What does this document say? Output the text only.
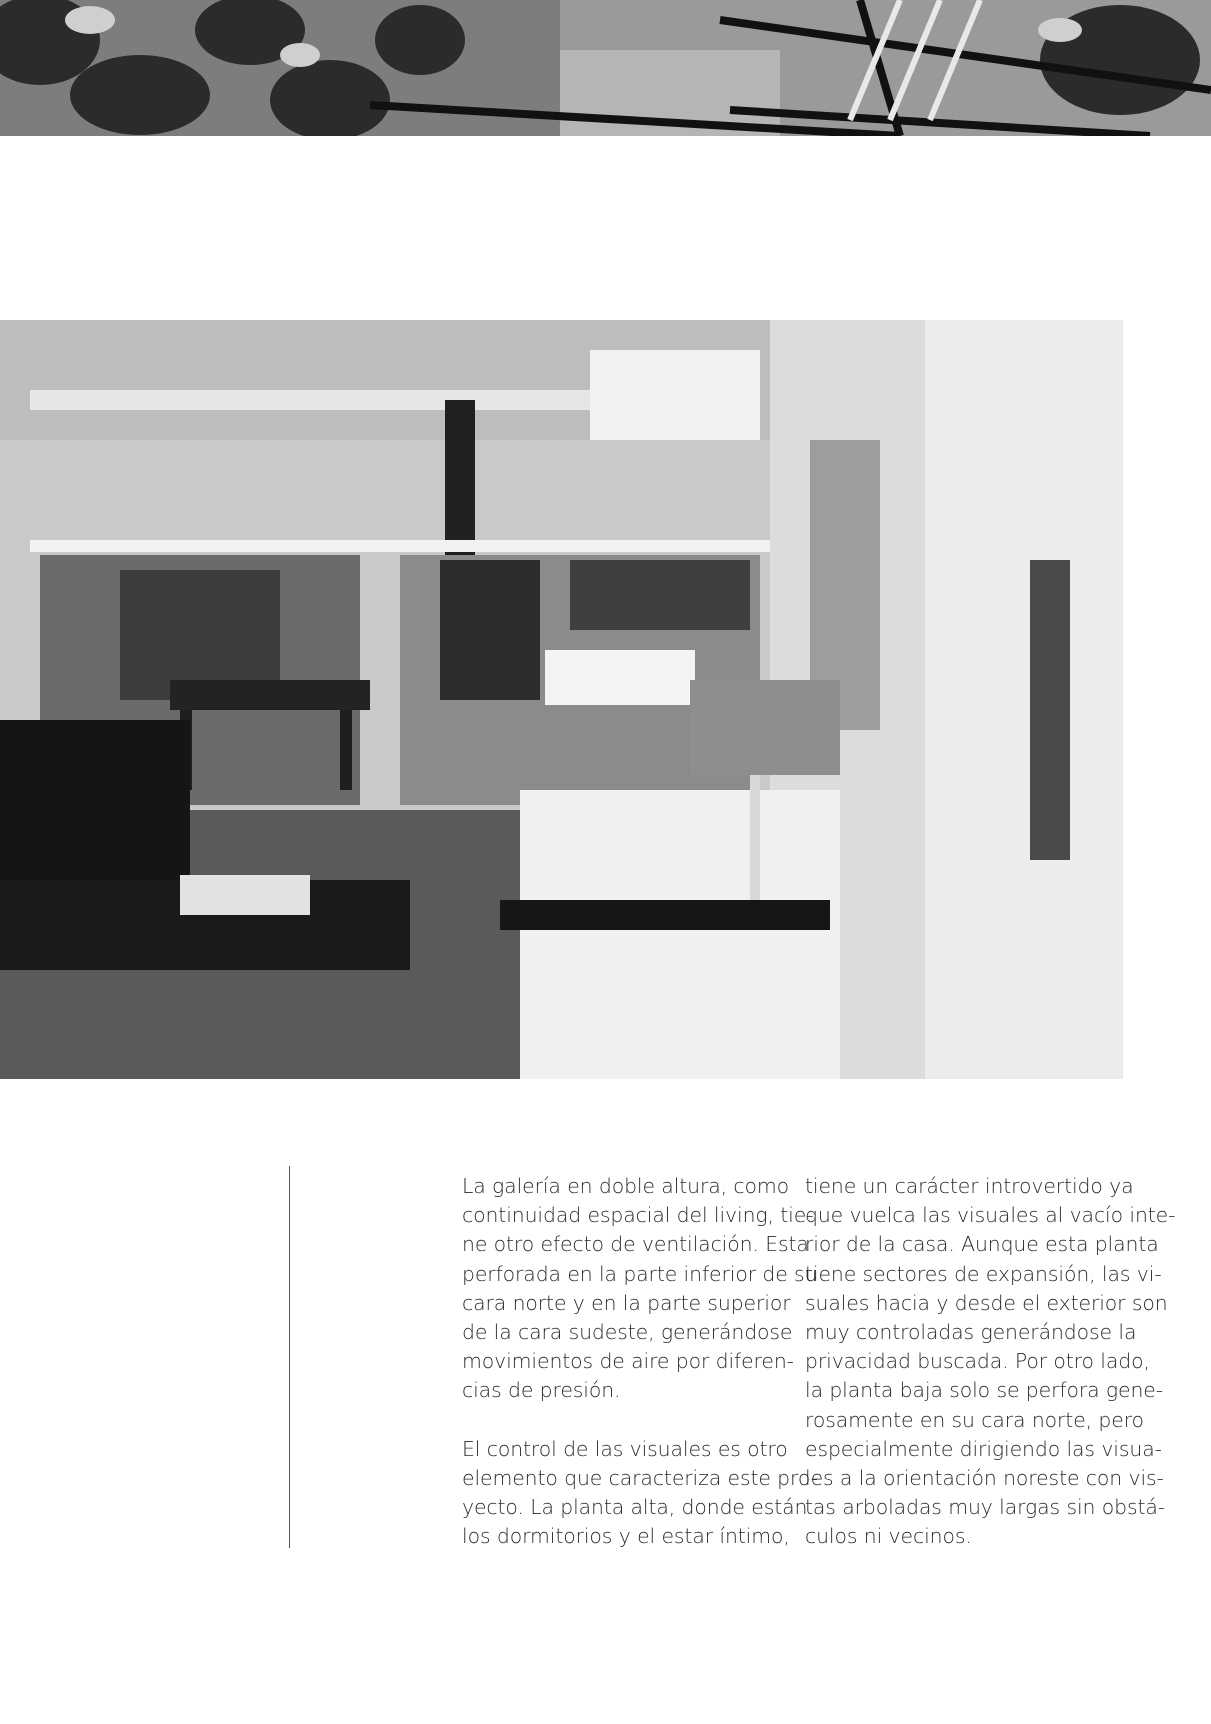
La galería en doble altura, como
continuidad espacial del living, tie-
ne otro efecto de ventilación. Esta
perforada en la parte inferior de su
cara norte y en la parte superior
de la cara sudeste, generándose
movimientos de aire por diferen-
cias de presión.
El control de las visuales es otro
elemento que caracteriza este pro-
yecto. La planta alta, donde están
los dormitorios y el estar íntimo,
tiene un carácter introvertido ya
que vuelca las visuales al vacío inte-
rior de la casa. Aunque esta planta
tiene sectores de expansión, las vi-
suales hacia y desde el exterior son
muy controladas generándose la
privacidad buscada. Por otro lado,
la planta baja solo se perfora gene-
rosamente en su cara norte, pero
especialmente dirigiendo las visua-
les a la orientación noreste con vis-
tas arboladas muy largas sin obstá-
culos ni vecinos.
